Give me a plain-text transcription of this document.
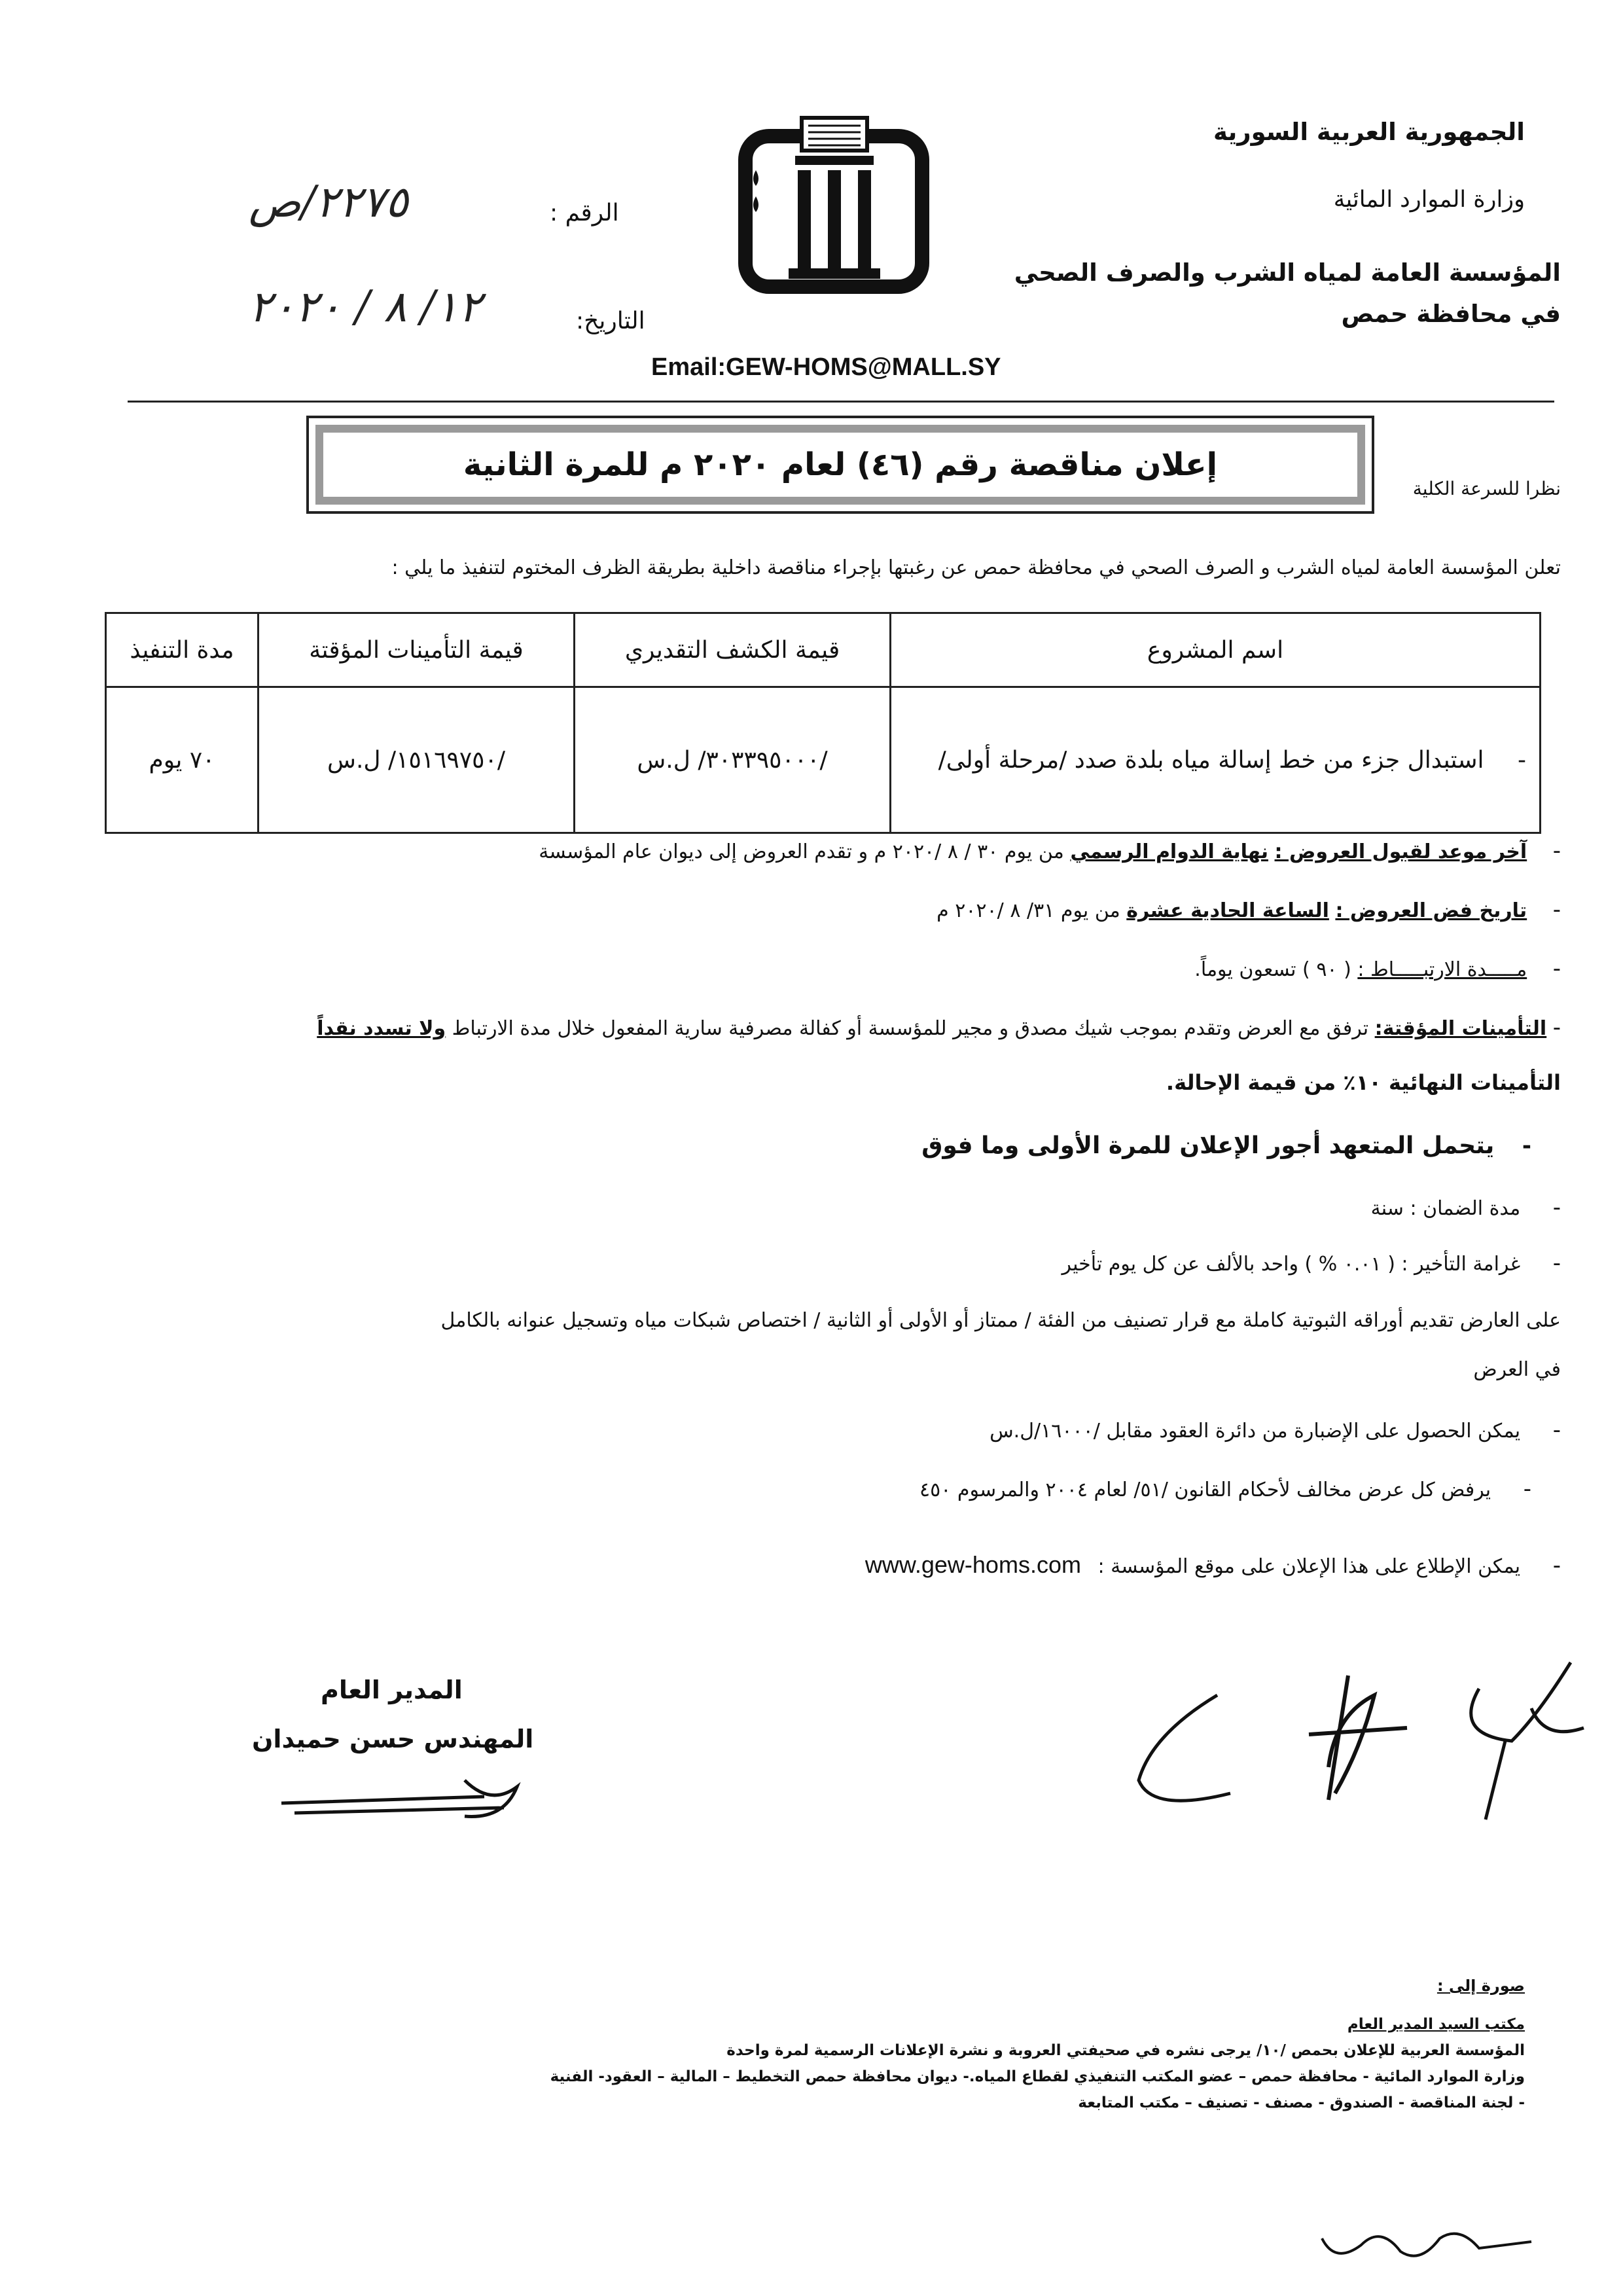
الجمهورية العربية السورية
وزارة الموارد المائية
المؤسسة العامة لمياه الشرب والصرف الصحي
في محافظة حمص
الرقم :
٢٢٧٥/ص
التاريخ:
١٢/ ٨ / ٢٠٢٠
Email:GEW-HOMS@MALL.SY
إعلان مناقصة رقم (٤٦) لعام ٢٠٢٠ م للمرة الثانية
نظرا للسرعة الكلية
تعلن المؤسسة العامة لمياه الشرب و الصرف الصحي في محافظة حمص عن رغبتها بإجراء مناقصة داخلية بطريقة الظرف المختوم لتنفيذ ما يلي :
اسم المشروع	قيمة الكشف التقديري	قيمة التأمينات المؤقتة	مدة التنفيذ
- استبدال جزء من خط إسالة مياه بلدة صدد /مرحلة أولى/	/٣٠٣٣٩٥٠٠٠/ ل.س	/١٥١٦٩٧٥٠/ ل.س	٧٠ يوم
- آخر موعد لقبول العروض : نهاية الدوام الرسمي من يوم ٣٠ / ٨ /٢٠٢٠ م و تقدم العروض إلى ديوان عام المؤسسة
- تاريخ فض العروض : الساعة الحادية عشرة من يوم ٣١/ ٨ /٢٠٢٠ م
- مـــــدة الارتبـــــاط : ( ٩٠ ) تسعون يوماً.
- التأمينات المؤقتة: ترفق مع العرض وتقدم بموجب شيك مصدق و مجير للمؤسسة أو كفالة مصرفية سارية المفعول خلال مدة الارتباط ولا تسدد نقداً
التأمينات النهائية ١٠٪ من قيمة الإحالة.
- يتحمل المتعهد أجور الإعلان للمرة الأولى وما فوق
- مدة الضمان : سنة
- غرامة التأخير : ( ٠.٠١ % ) واحد بالألف عن كل يوم تأخير
على العارض تقديم أوراقه الثبوتية كاملة مع قرار تصنيف من الفئة / ممتاز أو الأولى أو الثانية / اختصاص شبكات مياه وتسجيل عنوانه بالكامل
في العرض
- يمكن الحصول على الإضبارة من دائرة العقود مقابل /١٦٠٠٠/ل.س
- يرفض كل عرض مخالف لأحكام القانون /٥١/ لعام ٢٠٠٤ والمرسوم ٤٥٠
- يمكن الإطلاع على هذا الإعلان على موقع المؤسسة : www.gew-homs.com
المدير العام
المهندس حسن حميدان
صورة إلى :
مكتب السيد المدير العام
المؤسسة العربية للإعلان بحمص /١٠/ يرجى نشره في صحيفتي العروبة و نشرة الإعلانات الرسمية لمرة واحدة
وزارة الموارد المائية - محافظة حمص – عضو المكتب التنفيذي لقطاع المياه.- ديوان محافظة حمص التخطيط – المالية – العقود- الفنية
- لجنة المناقصة - الصندوق - مصنف - تصنيف – مكتب المتابعة
